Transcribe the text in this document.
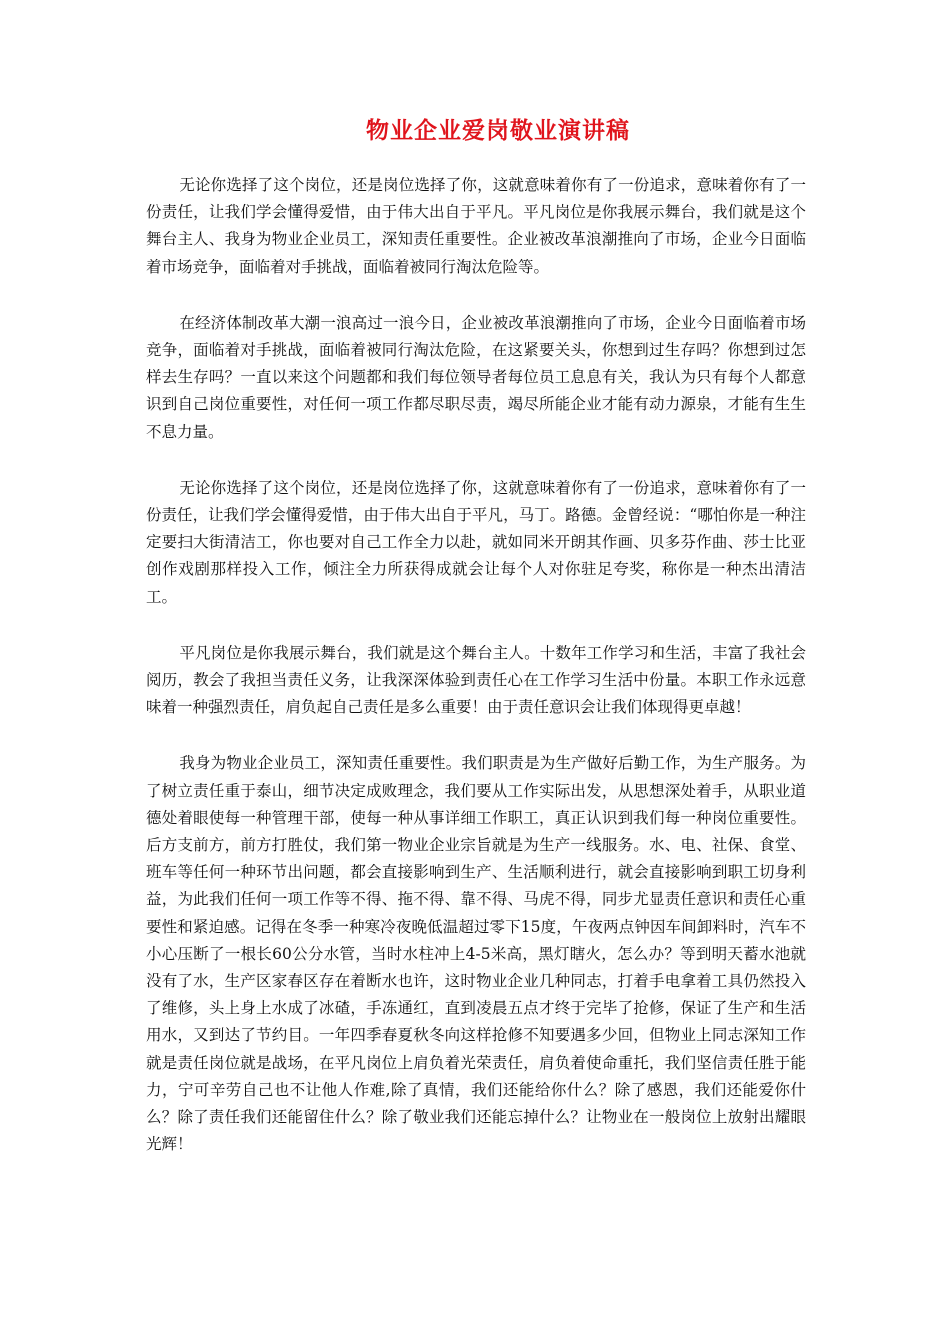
物业企业爱岗敬业演讲稿

无论你选择了这个岗位，还是岗位选择了你，这就意味着你有了一份追求，意味着你有了一份责任，让我们学会懂得爱惜，由于伟大出自于平凡。平凡岗位是你我展示舞台，我们就是这个舞台主人、我身为物业企业员工，深知责任重要性。企业被改革浪潮推向了市场，企业今日面临着市场竞争，面临着对手挑战，面临着被同行淘汰危险等。

在经济体制改革大潮一浪高过一浪今日，企业被改革浪潮推向了市场，企业今日面临着市场竞争，面临着对手挑战，面临着被同行淘汰危险，在这紧要关头，你想到过生存吗？你想到过怎样去生存吗？一直以来这个问题都和我们每位领导者每位员工息息有关，我认为只有每个人都意识到自己岗位重要性，对任何一项工作都尽职尽责，竭尽所能企业才能有动力源泉，才能有生生不息力量。

无论你选择了这个岗位，还是岗位选择了你，这就意味着你有了一份追求，意味着你有了一份责任，让我们学会懂得爱惜，由于伟大出自于平凡，马丁。路德。金曾经说：“哪怕你是一种注定要扫大街清洁工，你也要对自己工作全力以赴，就如同米开朗其作画、贝多芬作曲、莎士比亚创作戏剧那样投入工作，倾注全力所获得成就会让每个人对你驻足夸奖，称你是一种杰出清洁工。

平凡岗位是你我展示舞台，我们就是这个舞台主人。十数年工作学习和生活，丰富了我社会阅历，教会了我担当责任义务，让我深深体验到责任心在工作学习生活中份量。本职工作永远意味着一种强烈责任，肩负起自己责任是多么重要！由于责任意识会让我们体现得更卓越！

我身为物业企业员工，深知责任重要性。我们职责是为生产做好后勤工作，为生产服务。为了树立责任重于泰山，细节决定成败理念，我们要从工作实际出发，从思想深处着手，从职业道德处着眼使每一种管理干部，使每一种从事详细工作职工，真正认识到我们每一种岗位重要性。后方支前方，前方打胜仗，我们第一物业企业宗旨就是为生产一线服务。水、电、社保、食堂、班车等任何一种环节出问题，都会直接影响到生产、生活顺利进行，就会直接影响到职工切身利益，为此我们任何一项工作等不得、拖不得、靠不得、马虎不得，同步尤显责任意识和责任心重要性和紧迫感。记得在冬季一种寒冷夜晚低温超过零下15度，午夜两点钟因车间卸料时，汽车不小心压断了一根长60公分水管，当时水柱冲上4-5米高，黑灯瞎火，怎么办？等到明天蓄水池就没有了水，生产区家春区存在着断水也许，这时物业企业几种同志，打着手电拿着工具仍然投入了维修，头上身上水成了冰碴，手冻通红，直到凌晨五点才终于完毕了抢修，保证了生产和生活用水，又到达了节约目。一年四季春夏秋冬向这样抢修不知要遇多少回，但物业上同志深知工作就是责任岗位就是战场，在平凡岗位上肩负着光荣责任，肩负着使命重托，我们坚信责任胜于能力，宁可辛劳自己也不让他人作难,除了真情，我们还能给你什么？除了感恩，我们还能爱你什么？除了责任我们还能留住什么？除了敬业我们还能忘掉什么？让物业在一般岗位上放射出耀眼光辉！
